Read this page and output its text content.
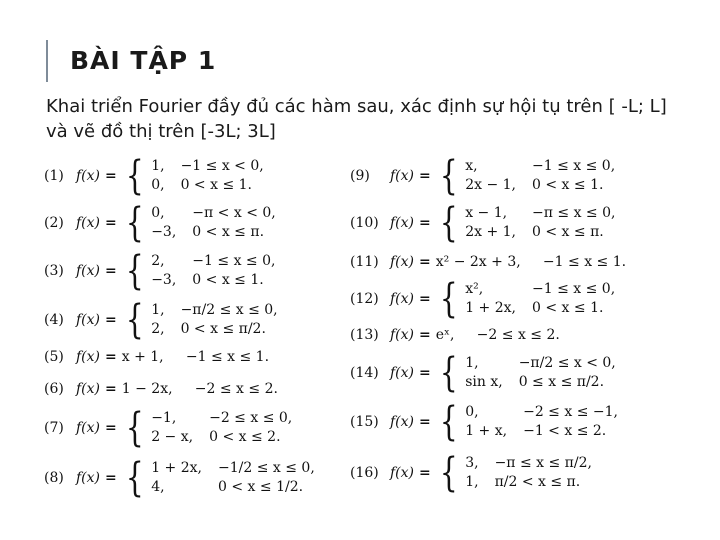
BÀI TẬP 1
Khai triển Fourier đầy đủ các hàm sau, xác định sự hội tụ trên [ -L; L] và vẽ đồ thị trên [-3L; 3L]
(1) f(x) = { 1, −1 ≤ x < 0,
0, 0 < x ≤ 1.
(2) f(x) = { 0,	−π < x < 0,
−3, 0 < x ≤ π.
(3) f(x) = { 2,	−1 ≤ x ≤ 0,
−3, 0 < x ≤ 1.
(4) f(x) = { 1, −π/2 ≤ x ≤ 0,
2, 0 < x ≤ π/2.
(5) f(x) = x + 1,     −1 ≤ x ≤ 1.
(6) f(x) = 1 − 2x,     −2 ≤ x ≤ 2.
(7) f(x) = { −1,	−2 ≤ x ≤ 0,
2 − x, 0 < x ≤ 2.
(8) f(x) = { 1 + 2x, −1/2 ≤ x ≤ 0,
4,	0 < x ≤ 1/2.
(9) f(x) = { x,	−1 ≤ x ≤ 0,
2x − 1, 0 < x ≤ 1.
(10) f(x) = { x − 1,	−π ≤ x ≤ 0,
2x + 1, 0 < x ≤ π.
(11) f(x) = x² − 2x + 3,     −1 ≤ x ≤ 1.
(12) f(x) = { x²,	−1 ≤ x ≤ 0,
1 + 2x, 0 < x ≤ 1.
(13) f(x) = eˣ,     −2 ≤ x ≤ 2.
(14) f(x) = { 1,	−π/2 ≤ x < 0,
sin x, 0 ≤ x ≤ π/2.
(15) f(x) = { 0,	−2 ≤ x ≤ −1,
1 + x, −1 < x ≤ 2.
(16) f(x) = { 3, −π ≤ x ≤ π/2,
1, π/2 < x ≤ π.
